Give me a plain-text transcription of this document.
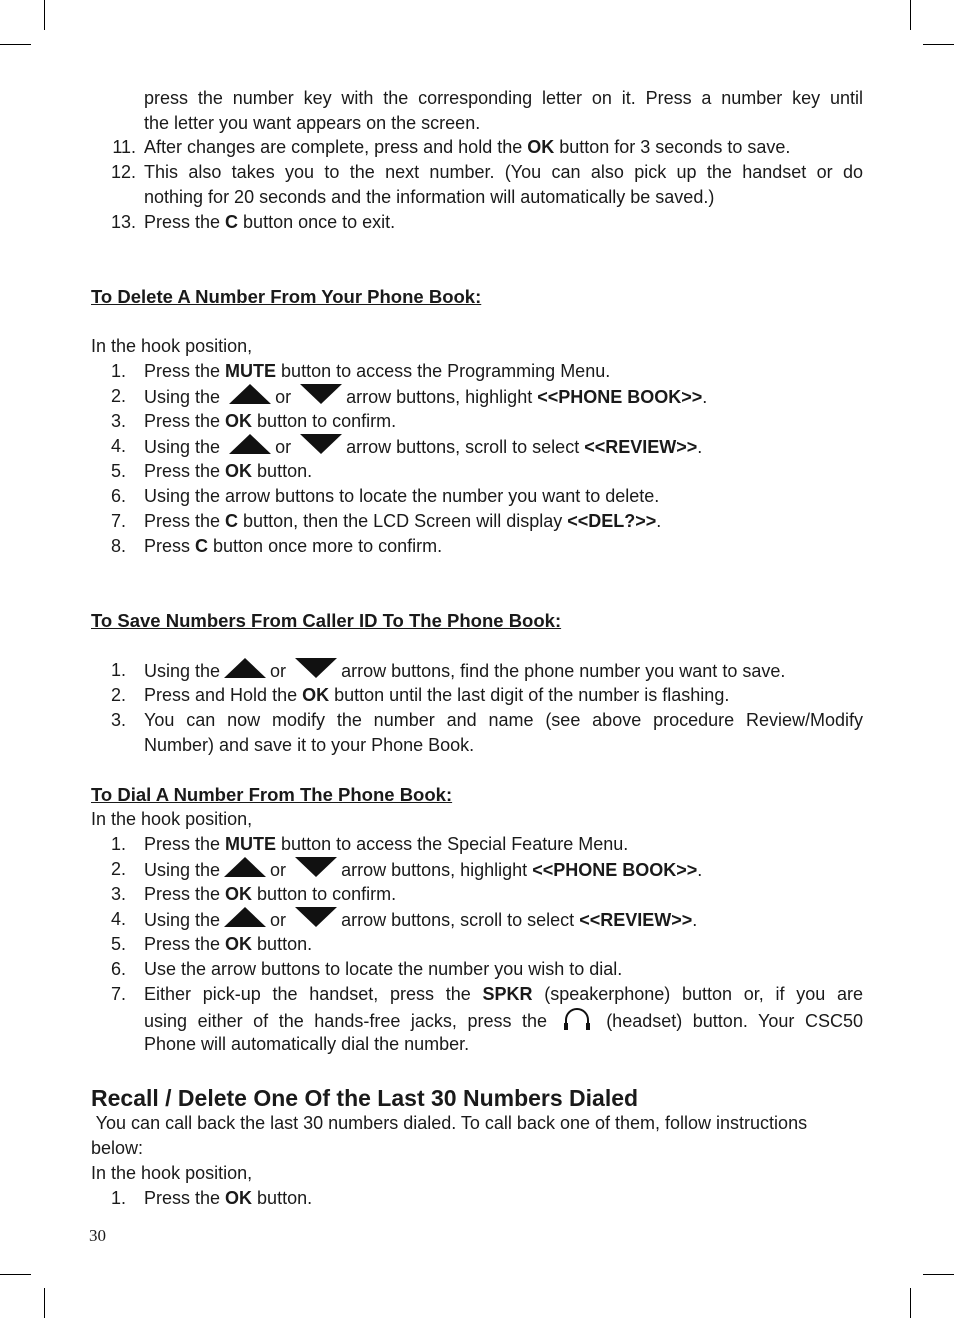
press the number key with the corresponding letter on it. Press a number key until
the letter you want appears on the screen.
11. After changes are complete, press and hold the OK button for 3 seconds to save.
12. This also takes you to the next number. (You can also pick up the handset or do
nothing for 20 seconds and the information will automatically be saved.)
13. Press the C button once to exit.
To Delete A Number From Your Phone Book:
In the hook position,
1. Press the MUTE button to access the Programming Menu.
2. Using the	or	arrow buttons, highlight <<PHONE BOOK>>.
3. Press the OK button to confirm.
4. Using the	or	arrow buttons, scroll to select <<REVIEW>>.
5. Press the OK button.
6. Using the arrow buttons to locate the number you want to delete.
7. Press the C button, then the LCD Screen will display <<DEL?>>.
8. Press C button once more to confirm.
To Save Numbers From Caller ID To The Phone Book:
1. Using the	or	arrow buttons, find the phone number you want to save.
2. Press and Hold the OK button until the last digit of the number is flashing.
3. You can now modify the number and name (see above procedure Review/Modify
Number) and save it to your Phone Book.
To Dial A Number From The Phone Book:
In the hook position,
1. Press the MUTE button to access the Special Feature Menu.
2. Using the	or	arrow buttons, highlight <<PHONE BOOK>>.
3. Press the OK button to confirm.
4. Using the	or	arrow buttons, scroll to select <<REVIEW>>.
5. Press the OK button.
6. Use the arrow buttons to locate the number you wish to dial.
7. Either pick-up the handset, press the SPKR (speakerphone) button or, if you are
using either of the hands-free jacks, press the	(headset) button. Your CSC50
Phone will automatically dial the number.
Recall / Delete One Of the Last 30 Numbers Dialed
You can call back the last 30 numbers dialed. To call back one of them, follow instructions
below:
In the hook position,
1. Press the OK button.
30
